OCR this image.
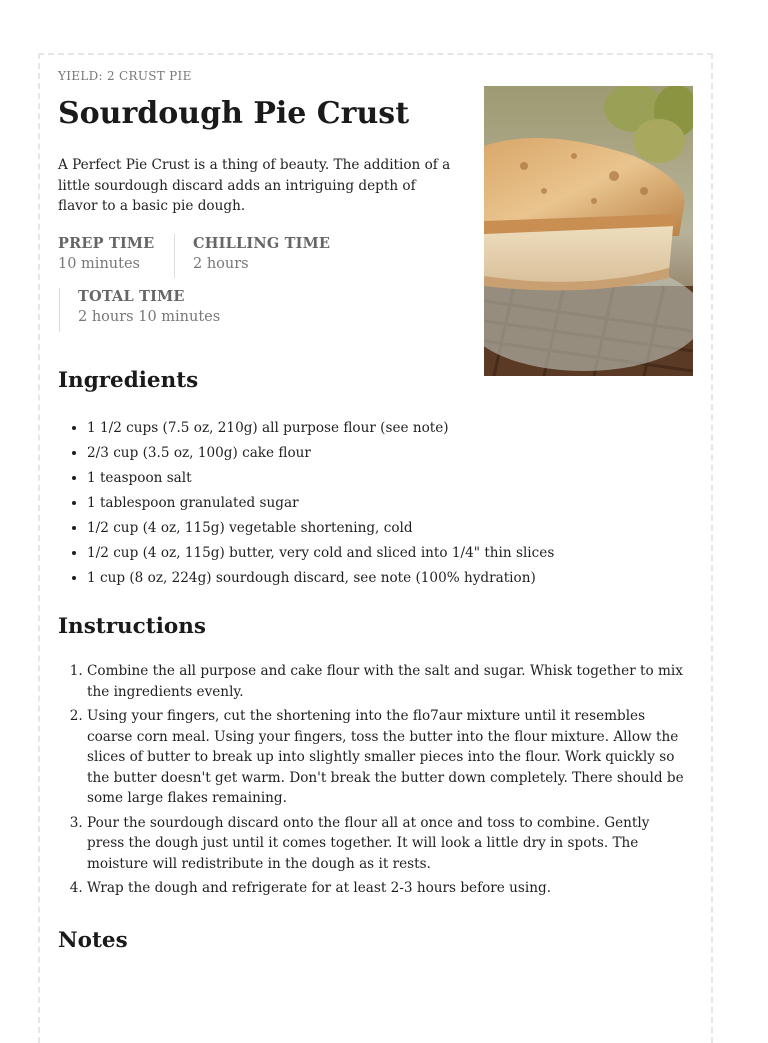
YIELD: 2 CRUST PIE
Sourdough Pie Crust

A Perfect Pie Crust is a thing of beauty. The addition of a little sourdough discard adds an intriguing depth of flavor to a basic pie dough.

PREP TIME
10 minutes
CHILLING TIME
2 hours
TOTAL TIME
2 hours 10 minutes
Ingredients
• 1 1/2 cups (7.5 oz, 210g) all purpose flour (see note)
• 2/3 cup (3.5 oz, 100g) cake flour
• 1 teaspoon salt
• 1 tablespoon granulated sugar
• 1/2 cup (4 oz, 115g) vegetable shortening, cold
• 1/2 cup (4 oz, 115g) butter, very cold and sliced into 1/4" thin slices
• 1 cup (8 oz, 224g) sourdough discard, see note (100% hydration)
Instructions
1. Combine the all purpose and cake flour with the salt and sugar. Whisk together to mix the ingredients evenly.
2. Using your fingers, cut the shortening into the flo7aur mixture until it resembles coarse corn meal. Using your fingers, toss the butter into the flour mixture. Allow the slices of butter to break up into slightly smaller pieces into the flour. Work quickly so the butter doesn't get warm. Don't break the butter down completely. There should be some large flakes remaining.
3. Pour the sourdough discard onto the flour all at once and toss to combine. Gently press the dough just until it comes together. It will look a little dry in spots. The moisture will redistribute in the dough as it rests.
4. Wrap the dough and refrigerate for at least 2-3 hours before using.
Notes
